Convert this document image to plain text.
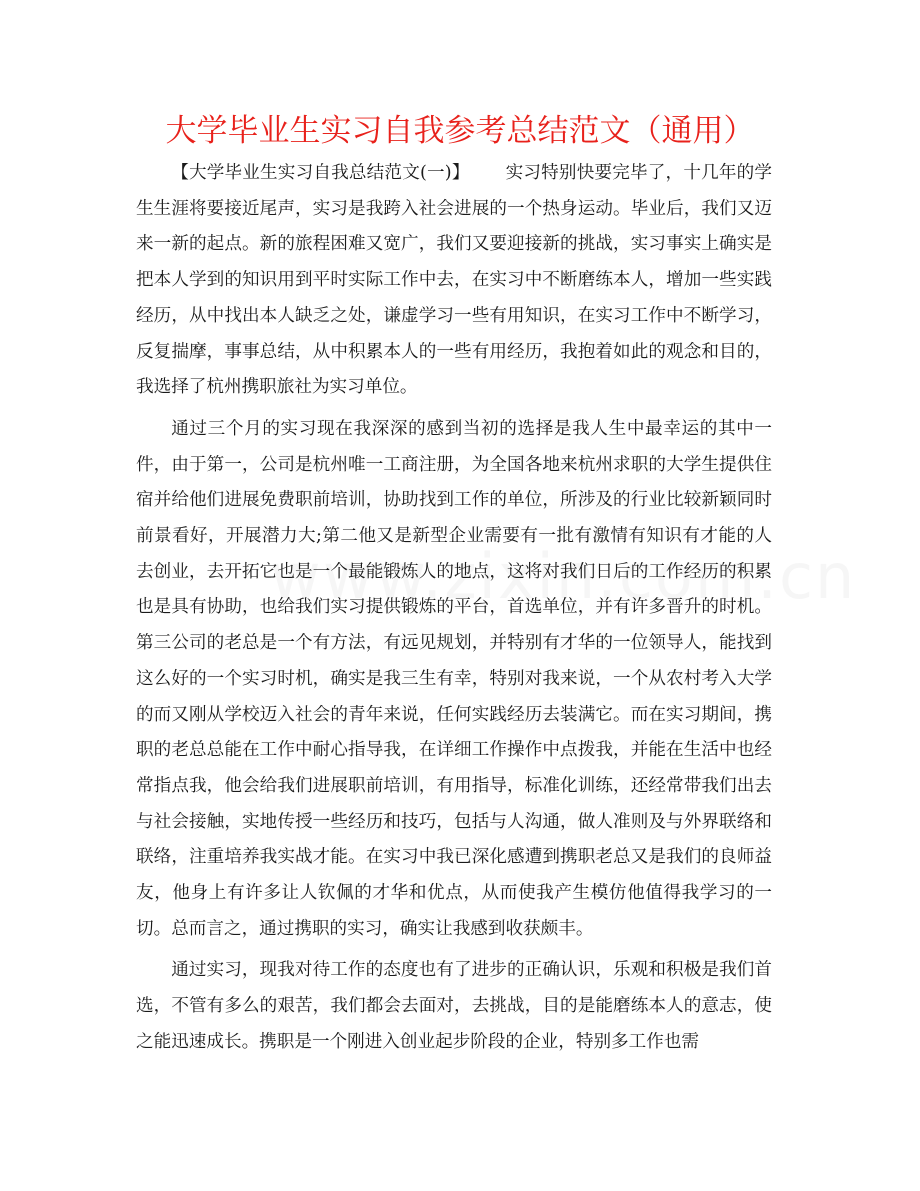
大学毕业生实习自我参考总结范文（通用）

【大学毕业生实习自我总结范文(一)】 实习特别快要完毕了，十几年的学生生涯将要接近尾声，实习是我跨入社会进展的一个热身运动。毕业后，我们又迈来一新的起点。新的旅程困难又宽广，我们又要迎接新的挑战，实习事实上确实是把本人学到的知识用到平时实际工作中去，在实习中不断磨练本人，增加一些实践经历，从中找出本人缺乏之处，谦虚学习一些有用知识，在实习工作中不断学习，反复揣摩，事事总结，从中积累本人的一些有用经历，我抱着如此的观念和目的，我选择了杭州携职旅社为实习单位。

通过三个月的实习现在我深深的感到当初的选择是我人生中最幸运的其中一件，由于第一，公司是杭州唯一工商注册，为全国各地来杭州求职的大学生提供住宿并给他们进展免费职前培训，协助找到工作的单位，所涉及的行业比较新颖同时前景看好，开展潜力大;第二他又是新型企业需要有一批有激情有知识有才能的人去创业，去开拓它也是一个最能锻炼人的地点，这将对我们日后的工作经历的积累也是具有协助，也给我们实习提供锻炼的平台，首选单位，并有许多晋升的时机。第三公司的老总是一个有方法，有远见规划，并特别有才华的一位领导人，能找到这么好的一个实习时机，确实是我三生有幸，特别对我来说，一个从农村考入大学的而又刚从学校迈入社会的青年来说，任何实践经历去装满它。而在实习期间，携职的老总总能在工作中耐心指导我，在详细工作操作中点拨我，并能在生活中也经常指点我，他会给我们进展职前培训，有用指导，标准化训练，还经常带我们出去与社会接触，实地传授一些经历和技巧，包括与人沟通，做人准则及与外界联络和联络，注重培养我实战才能。在实习中我已深化感遭到携职老总又是我们的良师益友，他身上有许多让人钦佩的才华和优点，从而使我产生模仿他值得我学习的一切。总而言之，通过携职的实习，确实让我感到收获颇丰。

通过实习，现我对待工作的态度也有了进步的正确认识，乐观和积极是我们首选，不管有多么的艰苦，我们都会去面对，去挑战，目的是能磨练本人的意志，使之能迅速成长。携职是一个刚进入创业起步阶段的企业，特别多工作也需
